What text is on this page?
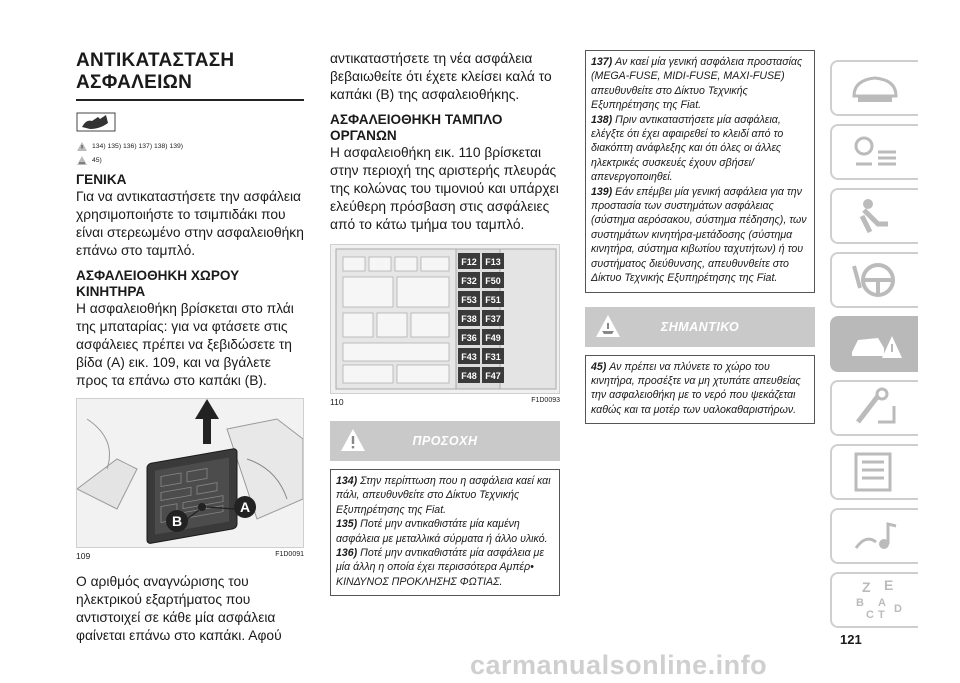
ΑΝΤΙΚΑΤΑΣΤΑΣΗ
ΑΣΦΑΛΕΙΩΝ
134) 135) 136) 137) 138) 139)
45)
ΓΕΝΙΚΑ
Για να αντικαταστήσετε την ασφάλεια χρησιμοποιήστε το τσιμπιδάκι που είναι στερεωμένο στην ασφαλειοθήκη επάνω στο ταμπλό.
ΑΣΦΑΛΕΙΟΘΗΚΗ ΧΩΡΟΥ
ΚΙΝΗΤΗΡΑ
Η ασφαλειοθήκη βρίσκεται στο πλάι της μπαταρίας: για να φτάσετε στις ασφάλειες πρέπει να ξεβιδώσετε τη βίδα (A) εικ. 109, και να βγάλετε προς τα επάνω στο καπάκι (B).
B
A
109	F1D0091
Ο αριθμός αναγνώρισης του ηλεκτρικού εξαρτήματος που αντιστοιχεί σε κάθε μία ασφάλεια φαίνεται επάνω στο καπάκι. Αφού
αντικαταστήσετε τη νέα ασφάλεια βεβαιωθείτε ότι έχετε κλείσει καλά το καπάκι (B) της ασφαλειοθήκης.
ΑΣΦΑΛΕΙΟΘΗΚΗ ΤΑΜΠΛΟ
ΟΡΓΑΝΩΝ
Η ασφαλειοθήκη εικ. 110 βρίσκεται στην περιοχή της αριστερής πλευράς της κολώνας του τιμονιού και υπάρχει ελεύθερη πρόσβαση στις ασφάλειες από το κάτω τμήμα του ταμπλό.
F12 F13
F32 F50
F53 F51
F38 F37
F36 F49
F43 F31
F48 F47
110	F1D0093
ΠΡΟΣΟΧΗ
134) Στην περίπτωση που η ασφάλεια καεί και πάλι, απευθυνθείτε στο Δίκτυο Τεχνικής Εξυπηρέτησης της Fiat.
135) Ποτέ μην αντικαθιστάτε μία καμένη ασφάλεια με μεταλλικά σύρματα ή άλλο υλικό.
136) Ποτέ μην αντικαθιστάτε μία ασφάλεια με μία άλλη η οποία έχει περισσότερα Αμπέρ• ΚΙΝΔΥΝΟΣ ΠΡΟΚΛΗΣΗΣ ΦΩΤΙΑΣ.
137) Αν καεί μία γενική ασφάλεια προστασίας (MEGA-FUSE, MIDI-FUSE, MAXI-FUSE) απευθυνθείτε στο Δίκτυο Τεχνικής Εξυπηρέτησης της Fiat.
138) Πριν αντικαταστήσετε μία ασφάλεια, ελέγξτε ότι έχει αφαιρεθεί το κλειδί από το διακόπτη ανάφλεξης και ότι όλες οι άλλες ηλεκτρικές συσκευές έχουν σβήσει/απενεργοποιηθεί.
139) Εάν επέμβει μία γενική ασφάλεια για την προστασία των συστημάτων ασφάλειας (σύστημα αερόσακου, σύστημα πέδησης), των συστημάτων κινητήρα-μετάδοσης (σύστημα κινητήρα, σύστημα κιβωτίου ταχυτήτων) ή του συστήματος διεύθυνσης, απευθυνθείτε στο Δίκτυο Τεχνικής Εξυπηρέτησης της Fiat.
ΣΗΜΑΝΤΙΚΟ
45) Αν πρέπει να πλύνετε το χώρο του κινητήρα, προσέξτε να μη χτυπάτε απευθείας την ασφαλειοθήκη με το νερό που ψεκάζεται καθώς και τα μοτέρ των υαλοκαθαριστήρων.
Z E
B A
C T D
121
carmanualsonline.info
